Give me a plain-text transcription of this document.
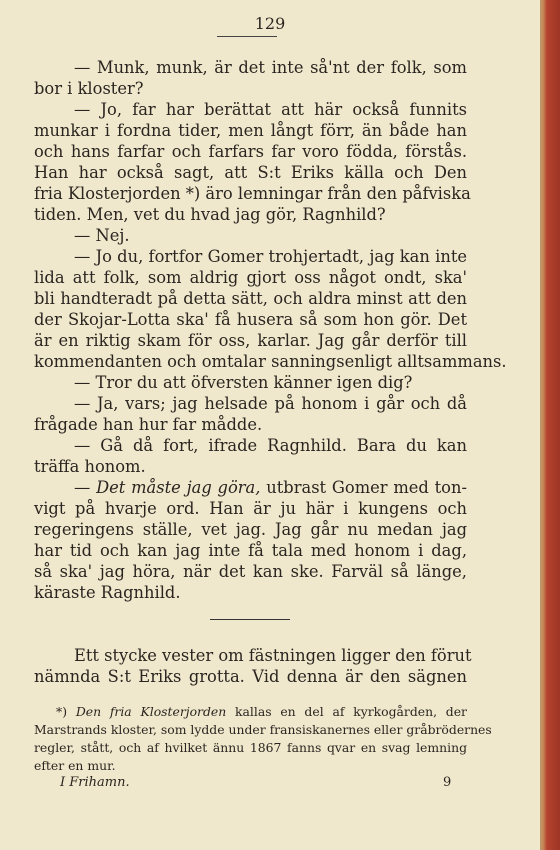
129
— Munk, munk, är det inte så'nt der folk, som
bor i kloster?
— Jo, far har berättat att här också funnits
munkar i fordna tider, men långt förr, än både han
och hans farfar och farfars far voro födda, förstås.
Han har också sagt, att S:t Eriks källa och Den
fria Klosterjorden *) äro lemningar från den påfviska
tiden. Men, vet du hvad jag gör, Ragnhild?
— Nej.
— Jo du, fortfor Gomer trohjertadt, jag kan inte
lida att folk, som aldrig gjort oss något ondt, ska'
bli handteradt på detta sätt, och aldra minst att den
der Skojar-Lotta ska' få husera så som hon gör. Det
är en riktig skam för oss, karlar. Jag går derför till
kommendanten och omtalar sanningsenligt alltsammans.
— Tror du att öfversten känner igen dig?
— Ja, vars; jag helsade på honom i går och då
frågade han hur far mådde.
— Gå då fort, ifrade Ragnhild. Bara du kan
träffa honom.
— Det måste jag göra, utbrast Gomer med ton-
vigt på hvarje ord. Han är ju här i kungens och
regeringens ställe, vet jag. Jag går nu medan jag
har tid och kan jag inte få tala med honom i dag,
så ska' jag höra, när det kan ske. Farväl så länge,
käraste Ragnhild.
Ett stycke vester om fästningen ligger den förut
nämnda S:t Eriks grotta. Vid denna är den sägnen
*) Den fria Klosterjorden kallas en del af kyrkogården, der
Marstrands kloster, som lydde under fransiskanernes eller gråbrödernes
regler, stått, och af hvilket ännu 1867 fanns qvar en svag lemning
efter en mur.
I Frihamn.	9
